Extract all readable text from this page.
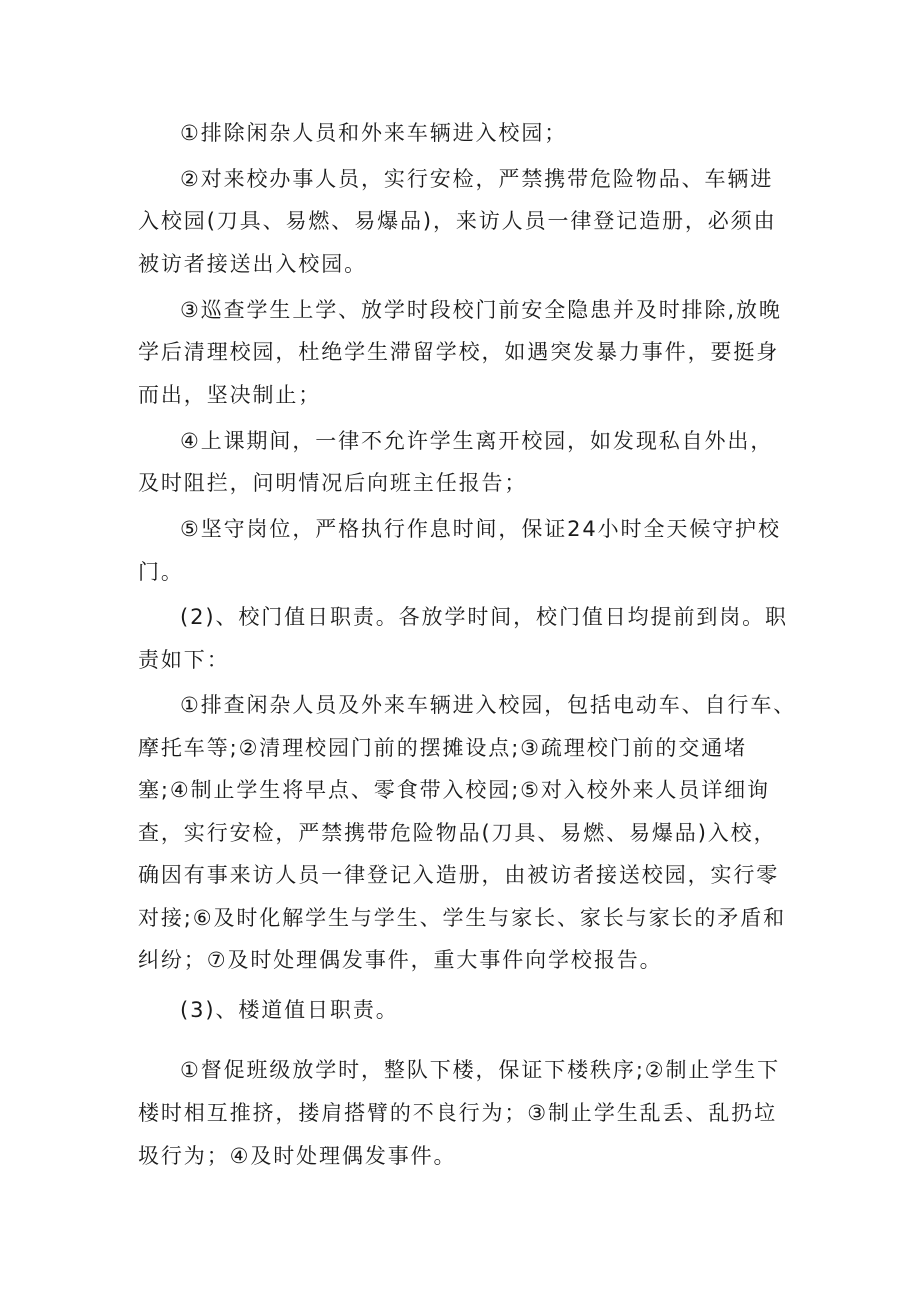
①排除闲杂人员和外来车辆进入校园；
②对来校办事人员，实行安检，严禁携带危险物品、车辆进
入校园(刀具、易燃、易爆品)，来访人员一律登记造册，必须由
被访者接送出入校园。
③巡查学生上学、放学时段校门前安全隐患并及时排除,放晚
学后清理校园，杜绝学生滞留学校，如遇突发暴力事件，要挺身
而出，坚决制止；
④上课期间，一律不允许学生离开校园，如发现私自外出，
及时阻拦，问明情况后向班主任报告；
⑤坚守岗位，严格执行作息时间，保证24小时全天候守护校
门。
(2)、校门值日职责。各放学时间，校门值日均提前到岗。职
责如下：
①排查闲杂人员及外来车辆进入校园，包括电动车、自行车、
摩托车等;②清理校园门前的摆摊设点;③疏理校门前的交通堵
塞;④制止学生将早点、零食带入校园;⑤对入校外来人员详细询
查，实行安检，严禁携带危险物品(刀具、易燃、易爆品)入校，
确因有事来访人员一律登记入造册，由被访者接送校园，实行零
对接;⑥及时化解学生与学生、学生与家长、家长与家长的矛盾和
纠纷；⑦及时处理偶发事件，重大事件向学校报告。
(3)、楼道值日职责。
①督促班级放学时，整队下楼，保证下楼秩序;②制止学生下
楼时相互推挤，搂肩搭臂的不良行为；③制止学生乱丢、乱扔垃
圾行为；④及时处理偶发事件。
